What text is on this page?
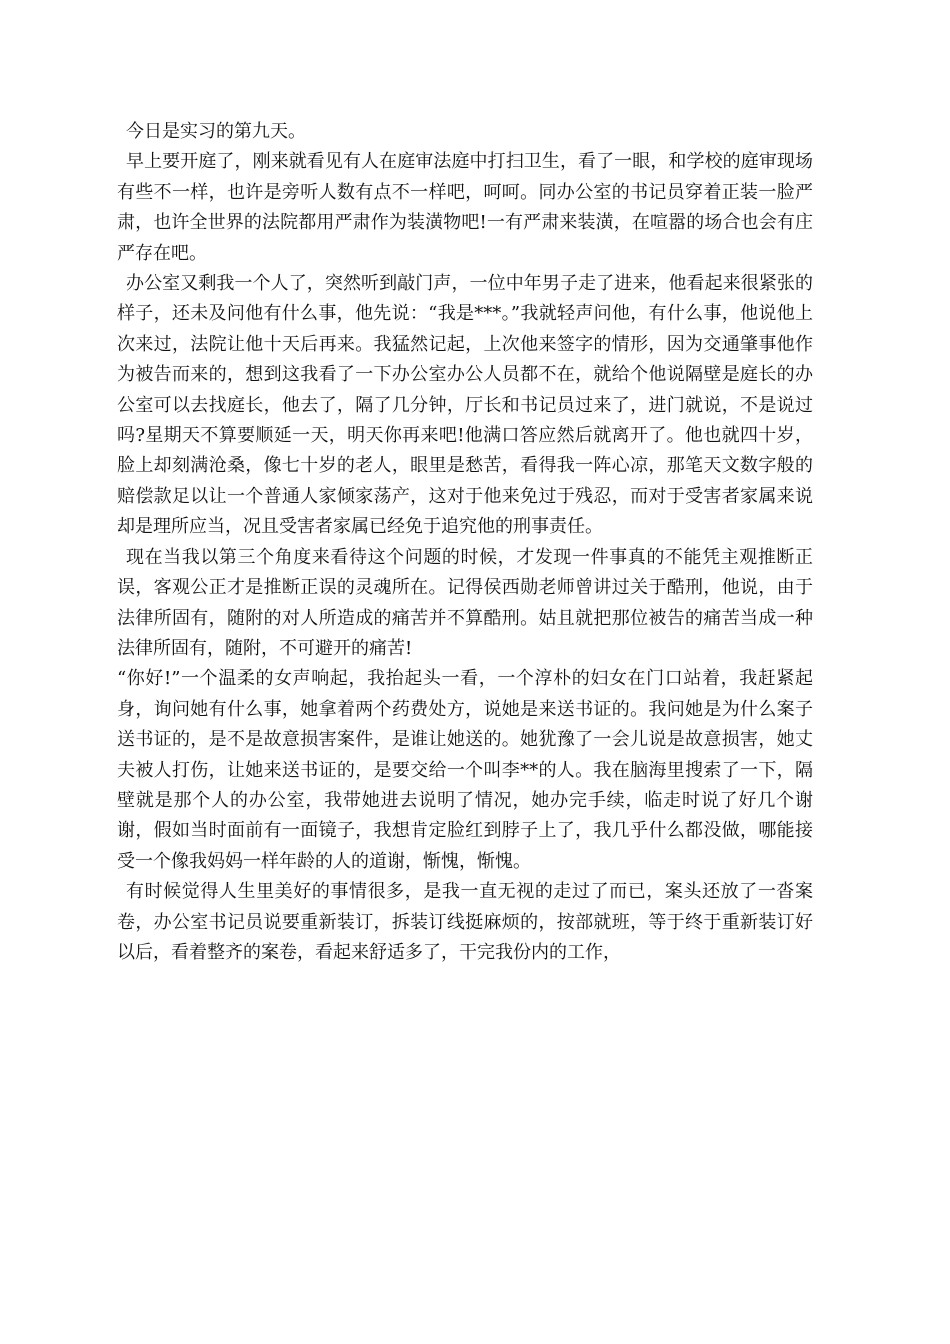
今日是实习的第九天。

早上要开庭了，刚来就看见有人在庭审法庭中打扫卫生，看了一眼，和学校的庭审现场有些不一样，也许是旁听人数有点不一样吧，呵呵。同办公室的书记员穿着正装一脸严肃，也许全世界的法院都用严肃作为装潢物吧!一有严肃来装潢，在喧嚣的场合也会有庄严存在吧。

办公室又剩我一个人了，突然听到敲门声，一位中年男子走了进来，他看起来很紧张的样子，还未及问他有什么事，他先说：“我是***。”我就轻声问他，有什么事，他说他上次来过，法院让他十天后再来。我猛然记起，上次他来签字的情形，因为交通肇事他作为被告而来的，想到这我看了一下办公室办公人员都不在，就给个他说隔壁是庭长的办公室可以去找庭长，他去了，隔了几分钟，厅长和书记员过来了，进门就说，不是说过吗?星期天不算要顺延一天，明天你再来吧!他满口答应然后就离开了。他也就四十岁，脸上却刻满沧桑，像七十岁的老人，眼里是愁苦，看得我一阵心凉，那笔天文数字般的赔偿款足以让一个普通人家倾家荡产，这对于他来免过于残忍，而对于受害者家属来说却是理所应当，况且受害者家属已经免于追究他的刑事责任。

现在当我以第三个角度来看待这个问题的时候，才发现一件事真的不能凭主观推断正误，客观公正才是推断正误的灵魂所在。记得侯西勋老师曾讲过关于酷刑，他说，由于法律所固有，随附的对人所造成的痛苦并不算酷刑。姑且就把那位被告的痛苦当成一种法律所固有，随附，不可避开的痛苦!

“你好!”一个温柔的女声响起，我抬起头一看，一个淳朴的妇女在门口站着，我赶紧起身，询问她有什么事，她拿着两个药费处方，说她是来送书证的。我问她是为什么案子送书证的，是不是故意损害案件，是谁让她送的。她犹豫了一会儿说是故意损害，她丈夫被人打伤，让她来送书证的，是要交给一个叫李**的人。我在脑海里搜索了一下，隔壁就是那个人的办公室，我带她进去说明了情况，她办完手续，临走时说了好几个谢谢，假如当时面前有一面镜子，我想肯定脸红到脖子上了，我几乎什么都没做，哪能接受一个像我妈妈一样年龄的人的道谢，惭愧，惭愧。

有时候觉得人生里美好的事情很多，是我一直无视的走过了而已，案头还放了一沓案卷，办公室书记员说要重新装订，拆装订线挺麻烦的，按部就班，等于终于重新装订好以后，看着整齐的案卷，看起来舒适多了，干完我份内的工作，
